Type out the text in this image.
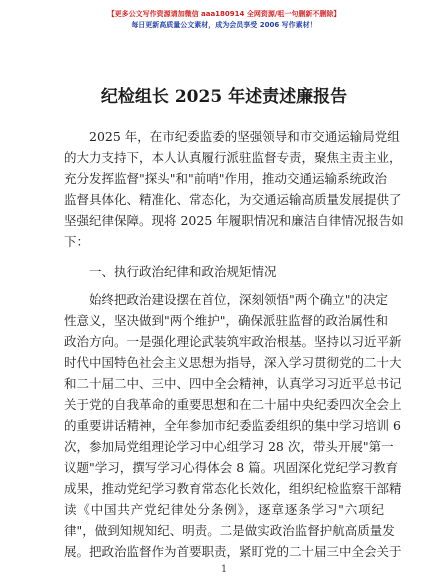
【更多公文写作资源请加微信 aaa180914 全网资源/咀一句删新不删除】
每日更新高质量公文素材，成为会员享受 2006 写作素材！
纪检组长 2025 年述责述廉报告
2025 年，在市纪委监委的坚强领导和市交通运输局党组
的大力支持下，本人认真履行派驻监督专责，聚焦主责主业，
充分发挥监督"探头"和"前哨"作用，推动交通运输系统政治
监督具体化、精准化、常态化，为交通运输高质量发展提供了
坚强纪律保障。现将 2025 年履职情况和廉洁自律情况报告如
下：
一、执行政治纪律和政治规矩情况
始终把政治建设摆在首位，深刻领悟"两个确立"的决定
性意义，坚决做到"两个维护"，确保派驻监督的政治属性和
政治方向。一是强化理论武装筑牢政治根基。坚持以习近平新
时代中国特色社会主义思想为指导，深入学习贯彻党的二十大
和二十届二中、三中、四中全会精神，认真学习习近平总书记
关于党的自我革命的重要思想和在二十届中央纪委四次全会上
的重要讲话精神，全年参加市纪委监委组织的集中学习培训 6
次，参加局党组理论学习中心组学习 28 次，带头开展"第一
议题"学习，撰写学习心得体会 8 篇。巩固深化党纪学习教育
成果，推动党纪学习教育常态化长效化，组织纪检监察干部精
读《中国共产党纪律处分条例》，逐章逐条学习"六项纪
律"，做到知规知纪、明责。二是做实政治监督护航高质量发
展。把政治监督作为首要职责，紧盯党的二十届三中全会关于
1
